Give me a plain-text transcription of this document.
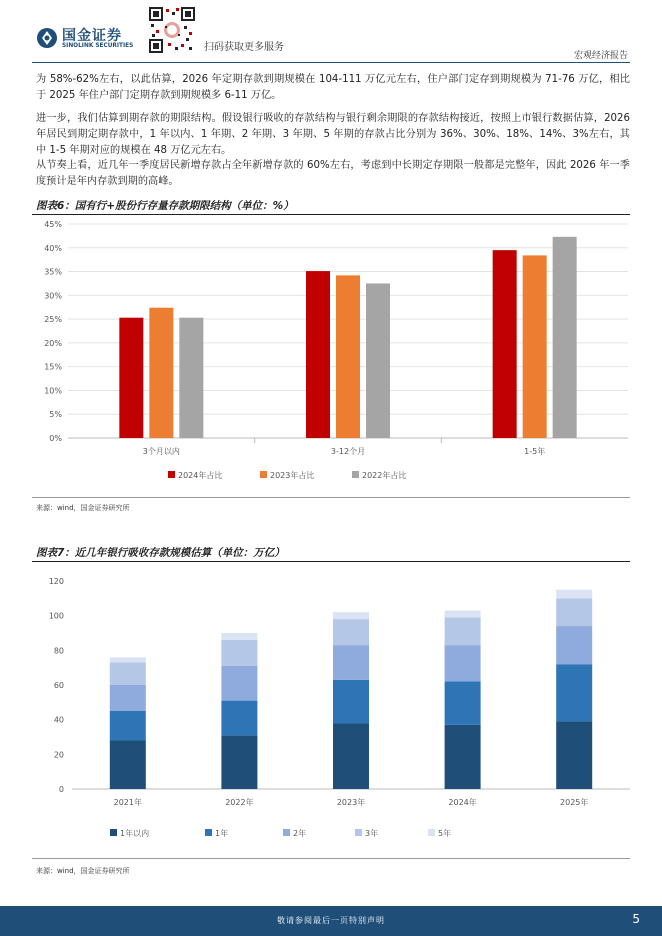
国金证券
SINOLINK SECURITIES	扫码获取更多服务
宏观经济报告

为 58%-62%左右，以此估算，2026 年定期存款到期规模在 104-111 万亿元左右，住户部门定存到期规模为 71-76 万亿，相比于 2025 年住户部门定期存款到期规模多 6-11 万亿。

进一步，我们估算到期存款的期限结构。假设银行吸收的存款结构与银行剩余期限的存款结构接近，按照上市银行数据估算，2026 年居民到期定期存款中，1 年以内、1 年期、2 年期、3 年期、5 年期的存款占比分别为 36%、30%、18%、14%、3%左右，其中 1-5 年期对应的规模在 48 万亿元左右。

从节奏上看，近几年一季度居民新增存款占全年新增存款的 60%左右，考虑到中长期定存期限一般都是完整年，因此 2026 年一季度预计是年内存款到期的高峰。

图表6：国有行+股份行存量存款期限结构（单位：%）
0%
5%
10%
15%
20%
25%
30%
35%
40%
45%
3个月以内	3-12个月	1-5年
2024年占比	2023年占比	2022年占比
来源：wind，国金证券研究所
图表7：近几年银行吸收存款规模估算（单位：万亿）
0
20
40
60
80
100
120
2021年	2022年	2023年	2024年	2025年
1年以内	1年	2年	3年	5年
来源：wind，国金证券研究所
敬请参阅最后一页特别声明	5
